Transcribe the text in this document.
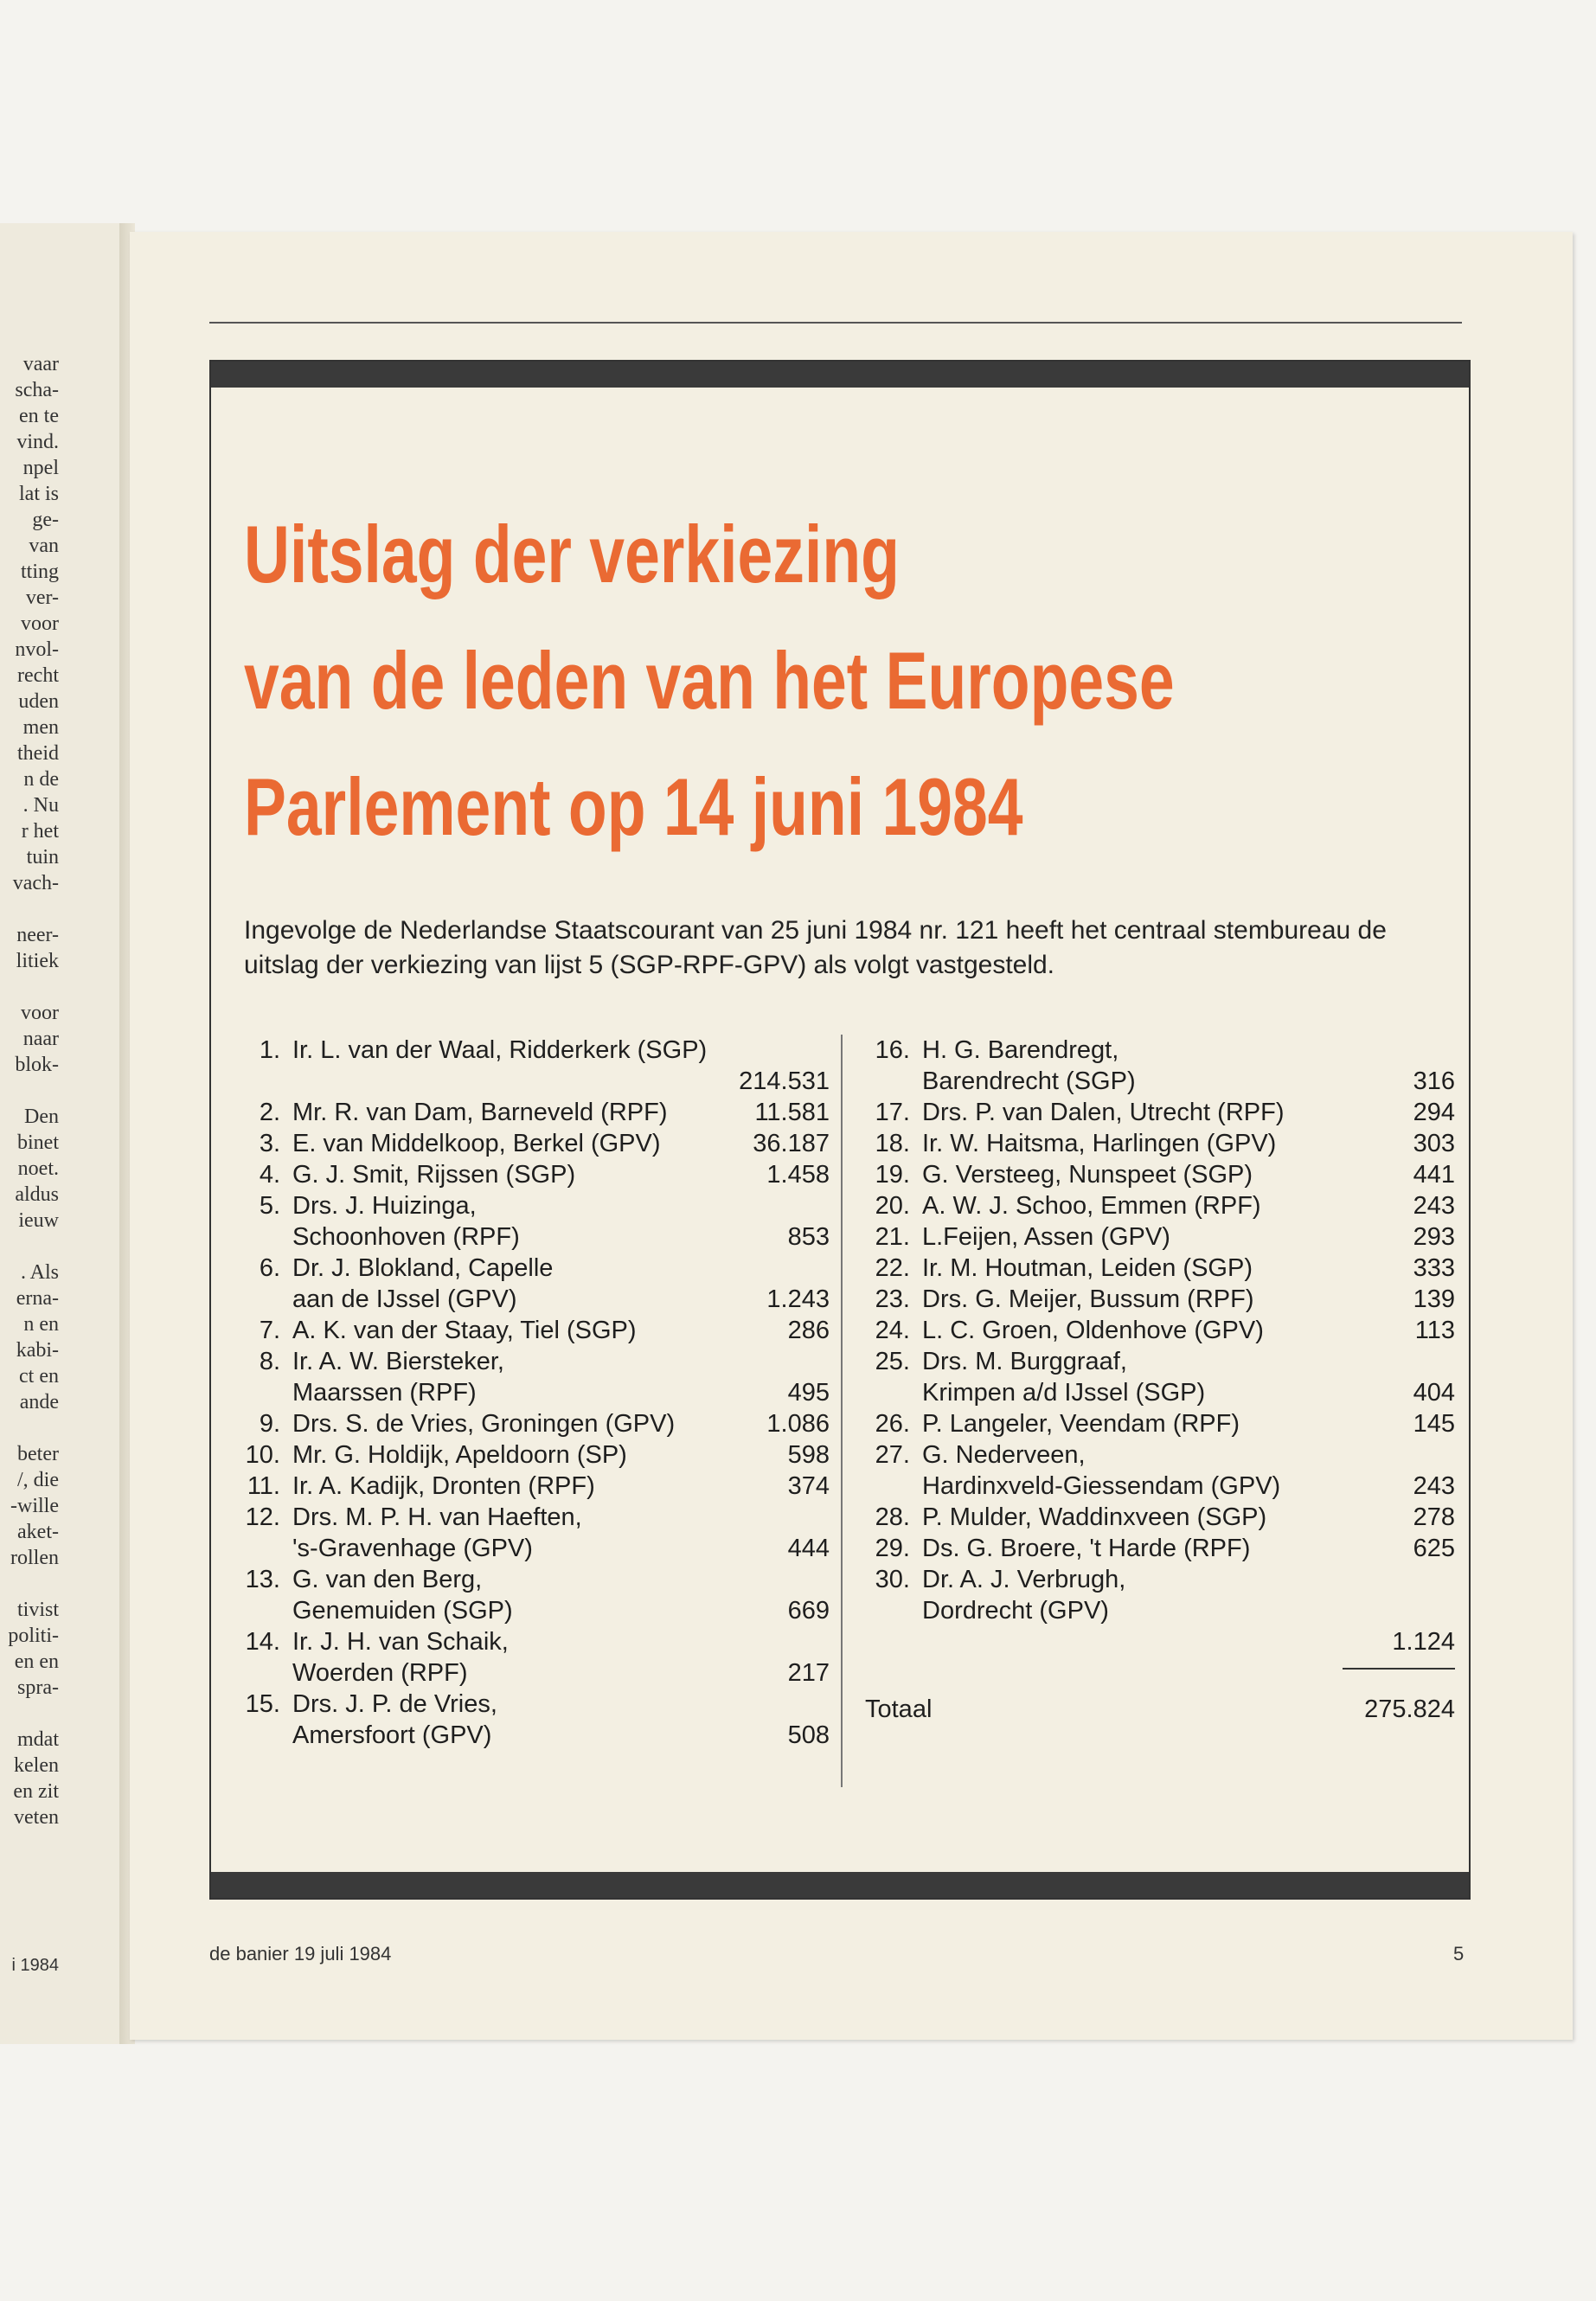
vaar
scha-
en te
vind.
npel
lat is
ge-
van
tting
ver-
voor
nvol-
recht
uden
men
theid
n de
. Nu
r het
tuin
vach-
neer-
litiek
voor
naar
blok-
Den
binet
noet.
aldus
ieuw
. Als
erna-
n en
kabi-
ct en
ande
beter
/, die
-wille
aket-
rollen
tivist
politi-
en en
spra-
mdat
kelen
en zit
veten
i 1984
Uitslag der verkiezing
van de leden van het Europese
Parlement op 14 juni 1984

Ingevolge de Nederlandse Staatscourant van 25 juni 1984 nr. 121 heeft het centraal stembureau de
uitslag der verkiezing van lijst 5 (SGP-RPF-GPV) als volgt vastgesteld.

1. Ir. L. van der Waal, Ridderkerk (SGP)
214.531
2. Mr. R. van Dam, Barneveld (RPF)	11.581
3. E. van Middelkoop, Berkel (GPV)	36.187
4. G. J. Smit, Rijssen (SGP)	1.458
5. Drs. J. Huizinga,
Schoonhoven (RPF)	853
6. Dr. J. Blokland, Capelle
aan de IJssel (GPV)	1.243
7. A. K. van der Staay, Tiel (SGP)	286
8. Ir. A. W. Biersteker,
Maarssen (RPF)	495
9. Drs. S. de Vries, Groningen (GPV)	1.086
10. Mr. G. Holdijk, Apeldoorn (SP)	598
11. Ir. A. Kadijk, Dronten (RPF)	374
12. Drs. M. P. H. van Haeften,
's-Gravenhage (GPV)	444
13. G. van den Berg,
Genemuiden (SGP)	669
14. Ir. J. H. van Schaik,
Woerden (RPF)	217
15. Drs. J. P. de Vries,
Amersfoort (GPV)	508
16. H. G. Barendregt,
Barendrecht (SGP)	316
17. Drs. P. van Dalen, Utrecht (RPF)	294
18. Ir. W. Haitsma, Harlingen (GPV)	303
19. G. Versteeg, Nunspeet (SGP)	441
20. A. W. J. Schoo, Emmen (RPF)	243
21. L.Feijen, Assen (GPV)	293
22. Ir. M. Houtman, Leiden (SGP)	333
23. Drs. G. Meijer, Bussum (RPF)	139
24. L. C. Groen, Oldenhove (GPV)	113
25. Drs. M. Burggraaf,
Krimpen a/d IJssel (SGP)	404
26. P. Langeler, Veendam (RPF)	145
27. G. Nederveen,
Hardinxveld-Giessendam (GPV)	243
28. P. Mulder, Waddinxveen (SGP)	278
29. Ds. G. Broere, 't Harde (RPF)	625
30. Dr. A. J. Verbrugh,
Dordrecht (GPV)
1.124
Totaal	275.824
de banier 19 juli 1984	5
